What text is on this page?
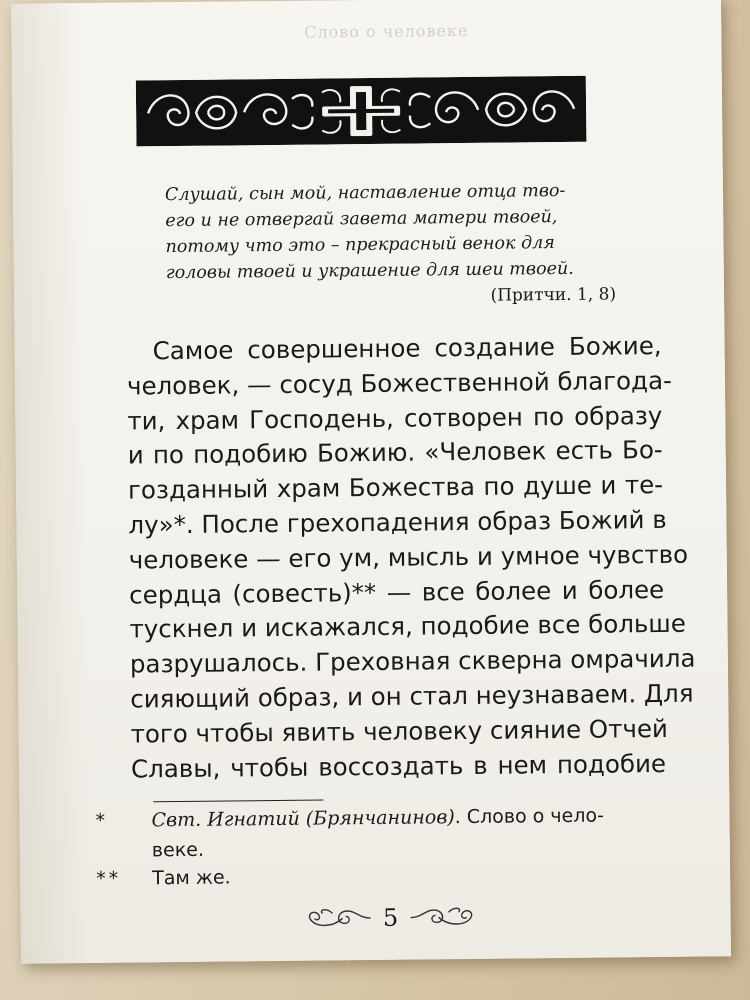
Слово о человеке

Слушай, сын мой, наставление отца тво-

его и не отвергай завета матери твоей,

потому что это – прекрасный венок для

головы твоей и украшение для шеи твоей.

(Притчи. 1, 8)

Самое совершенное создание Божие,
человек, — сосуд Божественной благода-
ти, храм Господень, сотворен по образу
и по подобию Божию. «Человек есть Бо-
гозданный храм Божества по душе и те-
лу»*. После грехопадения образ Божий в
человеке — его ум, мысль и умное чувство
сердца (совесть)** — все более и более
тускнел и искажался, подобие все больше
разрушалось. Греховная скверна омрачила
сияющий образ, и он стал неузнаваем. Для
того чтобы явить человеку сияние Отчей
Славы, чтобы воссоздать в нем подобие
*	Свт. Игнатий (Брянчанинов). Слово о чело-
веке.
**	Там же.
5
